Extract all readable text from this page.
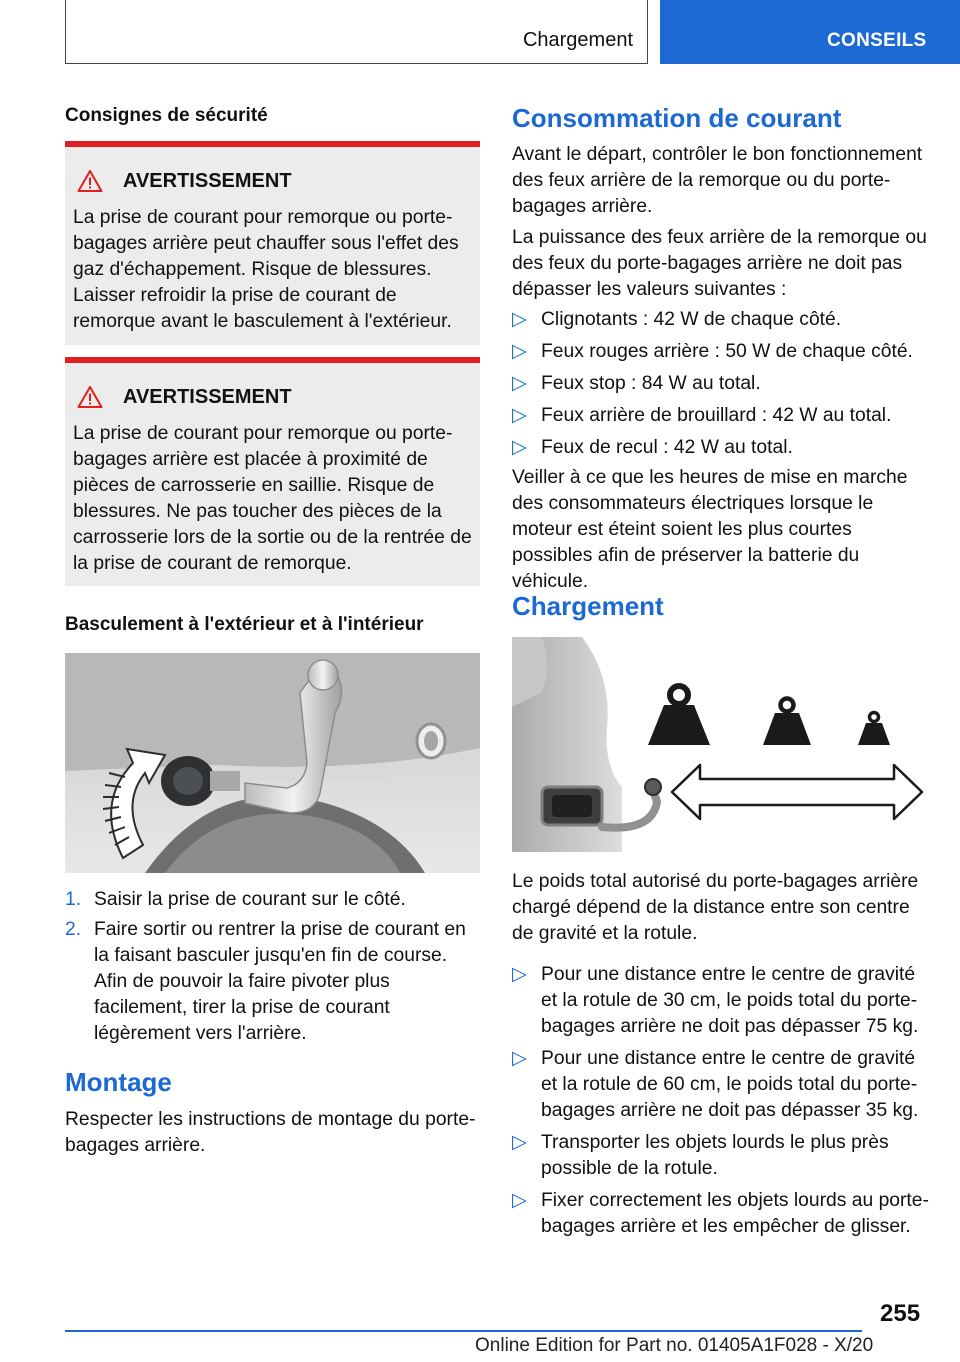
Chargement	CONSEILS
Consignes de sécurité
AVERTISSEMENT
La prise de courant pour remorque ou porte-bagages arrière peut chauffer sous l'effet des gaz d'échappement. Risque de blessures. Laisser refroidir la prise de courant de remorque avant le basculement à l'extérieur.
AVERTISSEMENT
La prise de courant pour remorque ou porte-bagages arrière est placée à proximité de pièces de carrosserie en saillie. Risque de blessures. Ne pas toucher des pièces de la carrosserie lors de la sortie ou de la rentrée de la prise de courant de remorque.
Basculement à l'extérieur et à l'intérieur
1. Saisir la prise de courant sur le côté.
2. Faire sortir ou rentrer la prise de courant en la faisant basculer jusqu'en fin de course. Afin de pouvoir la faire pivoter plus facilement, tirer la prise de courant légèrement vers l'arrière.
Montage
Respecter les instructions de montage du porte-bagages arrière.
Consommation de courant
Avant le départ, contrôler le bon fonctionnement des feux arrière de la remorque ou du porte-bagages arrière.
La puissance des feux arrière de la remorque ou des feux du porte-bagages arrière ne doit pas dépasser les valeurs suivantes :
▷ Clignotants : 42 W de chaque côté.
▷ Feux rouges arrière : 50 W de chaque côté.
▷ Feux stop : 84 W au total.
▷ Feux arrière de brouillard : 42 W au total.
▷ Feux de recul : 42 W au total.
Veiller à ce que les heures de mise en marche des consommateurs électriques lorsque le moteur est éteint soient les plus courtes possibles afin de préserver la batterie du véhicule.
Chargement
Le poids total autorisé du porte-bagages arrière chargé dépend de la distance entre son centre de gravité et la rotule.
▷ Pour une distance entre le centre de gravité et la rotule de 30 cm, le poids total du porte-bagages arrière ne doit pas dépasser 75 kg.
▷ Pour une distance entre le centre de gravité et la rotule de 60 cm, le poids total du porte-bagages arrière ne doit pas dépasser 35 kg.
▷ Transporter les objets lourds le plus près possible de la rotule.
▷ Fixer correctement les objets lourds au porte-bagages arrière et les empêcher de glisser.
255
Online Edition for Part no. 01405A1F028 - X/20
